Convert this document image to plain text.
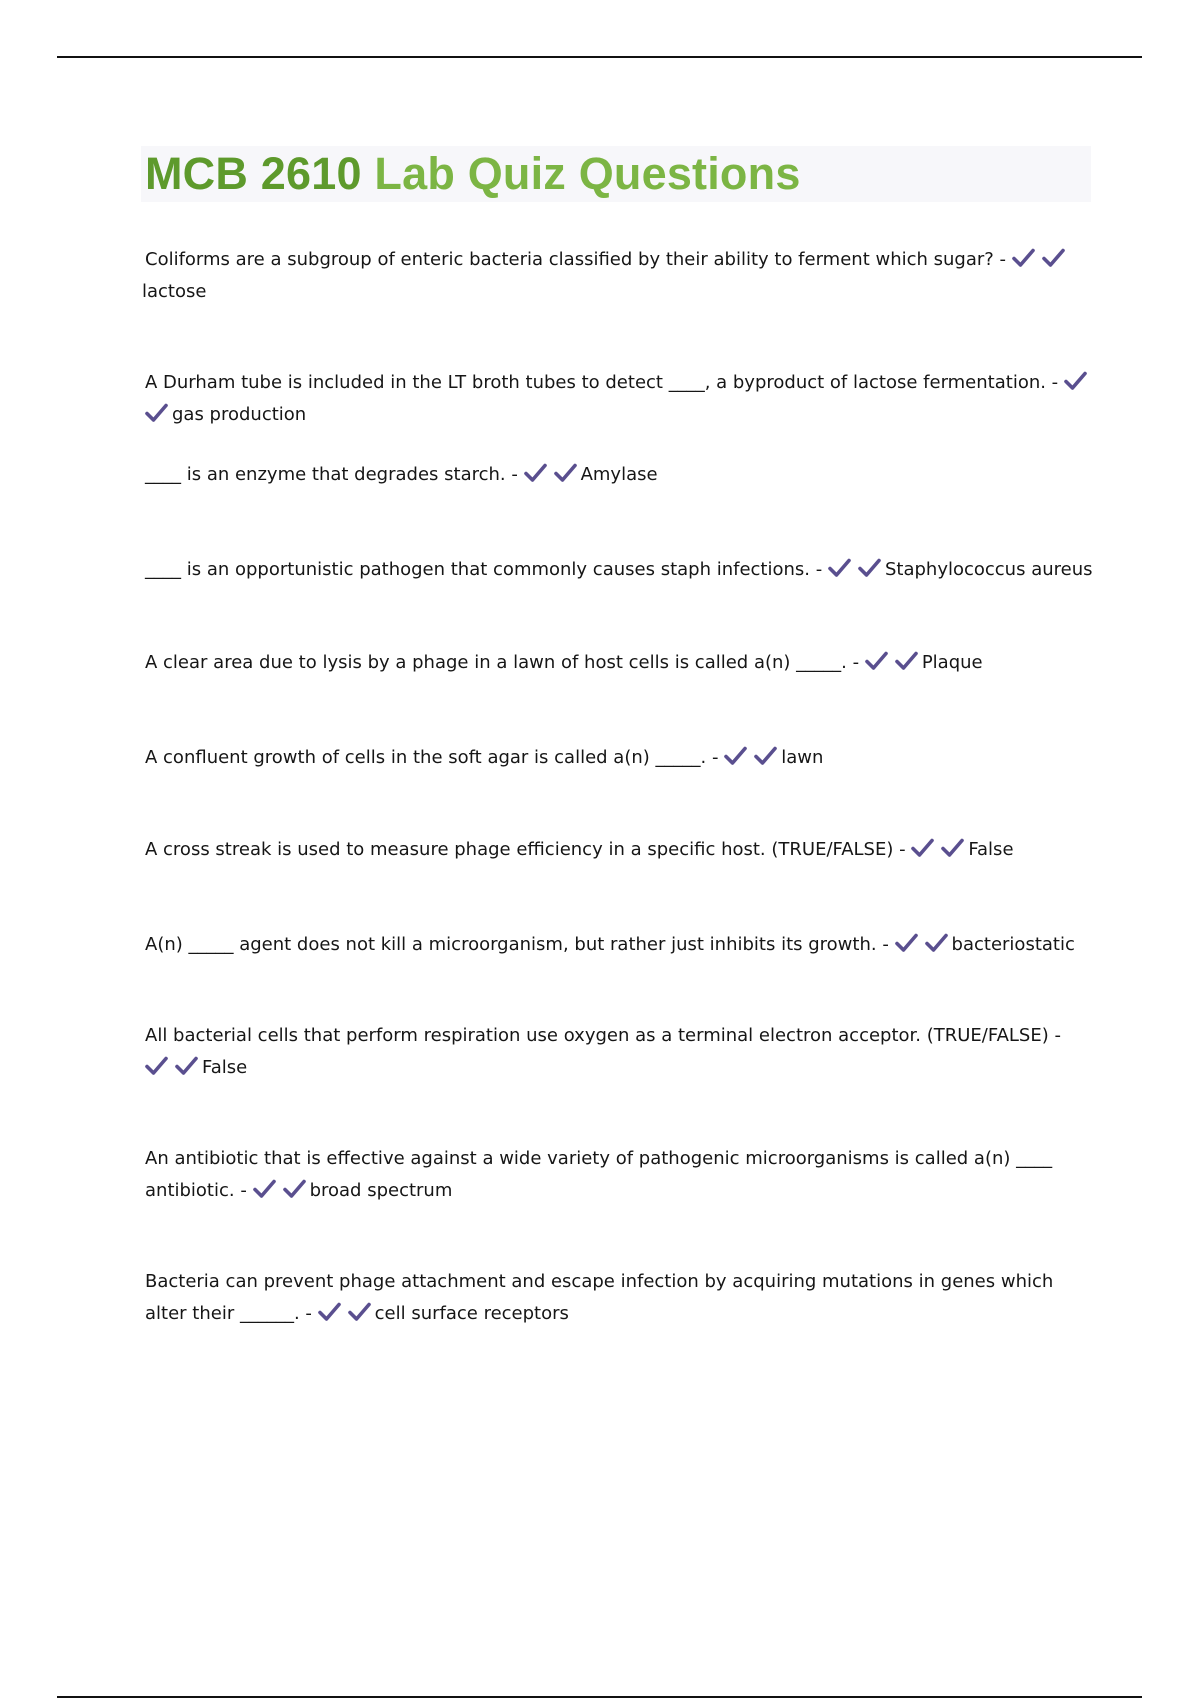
MCB 2610 Lab Quiz Questions

Coliforms are a subgroup of enteric bacteria classified by their ability to ferment which sugar? -
lactose

A Durham tube is included in the LT broth tubes to detect ____, a byproduct of lactose fermentation. -
gas production

____ is an enzyme that degrades starch. -	Amylase

____ is an opportunistic pathogen that commonly causes staph infections. -	Staphylococcus aureus

A clear area due to lysis by a phage in a lawn of host cells is called a(n) _____. -	Plaque

A confluent growth of cells in the soft agar is called a(n) _____. -	lawn

A cross streak is used to measure phage efficiency in a specific host. (TRUE/FALSE) -	False

A(n) _____ agent does not kill a microorganism, but rather just inhibits its growth. -	bacteriostatic

All bacterial cells that perform respiration use oxygen as a terminal electron acceptor. (TRUE/FALSE) -
False

An antibiotic that is effective against a wide variety of pathogenic microorganisms is called a(n) ____ antibiotic. -	broad spectrum

Bacteria can prevent phage attachment and escape infection by acquiring mutations in genes which alter their ______. -	cell surface receptors
